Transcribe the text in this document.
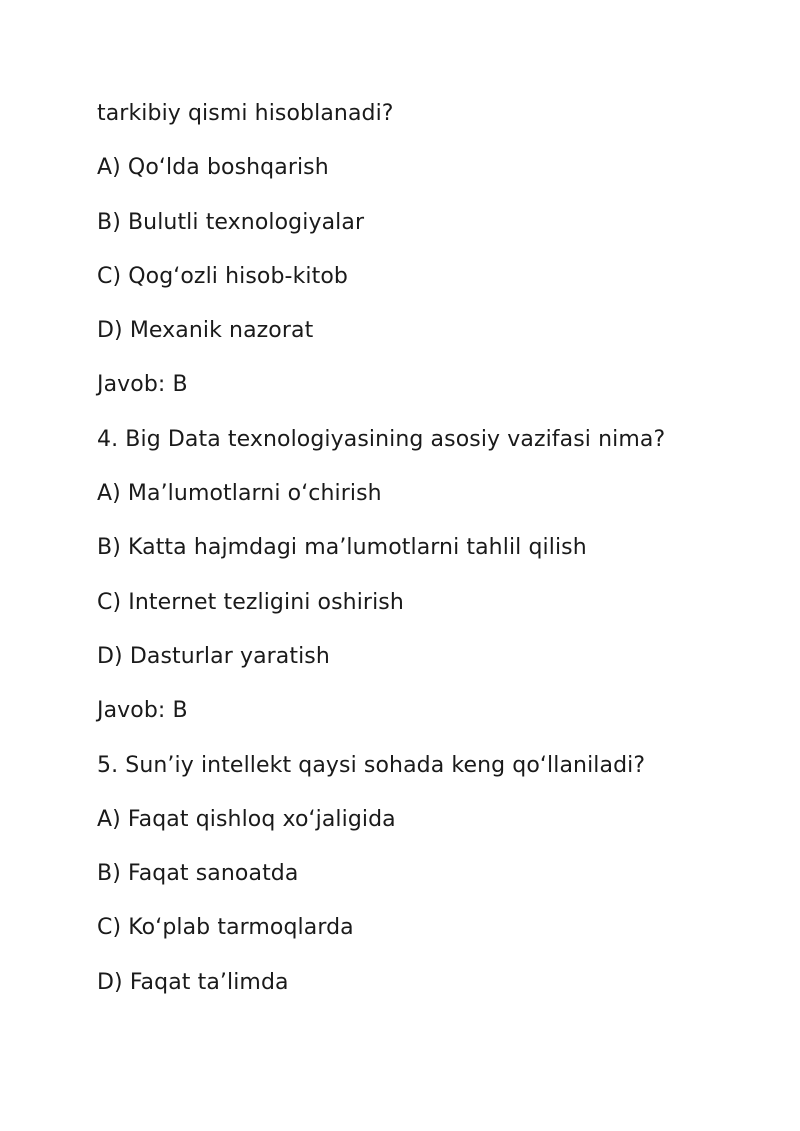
tarkibiy qismi hisoblanadi?
A) Qo‘lda boshqarish
B) Bulutli texnologiyalar
C) Qog‘ozli hisob-kitob
D) Mexanik nazorat
Javob: B
4. Big Data texnologiyasining asosiy vazifasi nima?
A) Ma’lumotlarni o‘chirish
B) Katta hajmdagi ma’lumotlarni tahlil qilish
C) Internet tezligini oshirish
D) Dasturlar yaratish
Javob: B
5. Sun’iy intellekt qaysi sohada keng qo‘llaniladi?
A) Faqat qishloq xo‘jaligida
B) Faqat sanoatda
C) Ko‘plab tarmoqlarda
D) Faqat ta’limda
